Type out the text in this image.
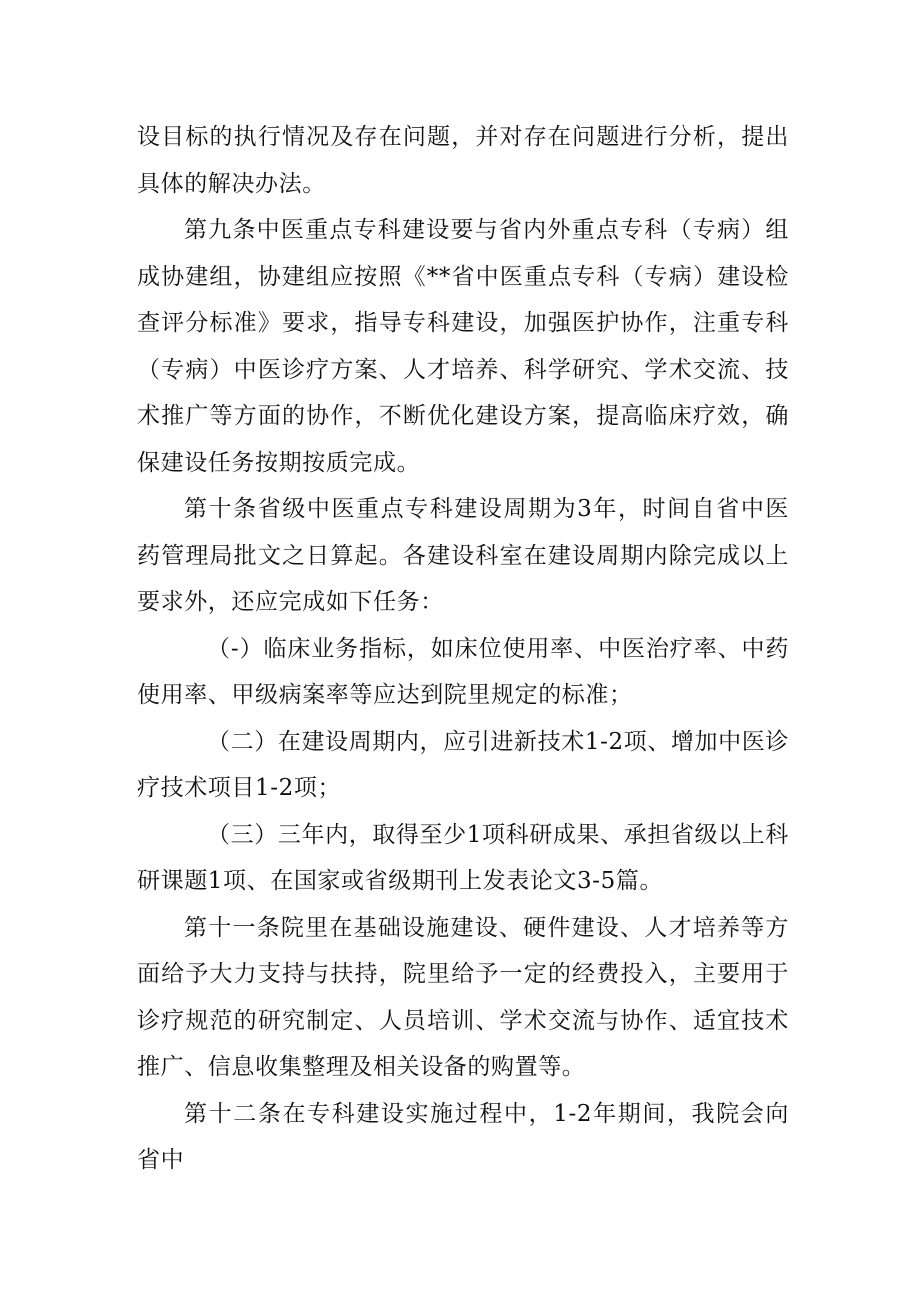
设目标的执行情况及存在问题，并对存在问题进行分析，提出具体的解决办法。

第九条中医重点专科建设要与省内外重点专科（专病）组成协建组，协建组应按照《**省中医重点专科（专病）建设检查评分标准》要求，指导专科建设，加强医护协作，注重专科（专病）中医诊疗方案、人才培养、科学研究、学术交流、技术推广等方面的协作，不断优化建设方案，提高临床疗效，确保建设任务按期按质完成。

第十条省级中医重点专科建设周期为3年，时间自省中医药管理局批文之日算起。各建设科室在建设周期内除完成以上要求外，还应完成如下任务：

（-）临床业务指标，如床位使用率、中医治疗率、中药使用率、甲级病案率等应达到院里规定的标准；

（二）在建设周期内，应引进新技术1-2项、增加中医诊疗技术项目1-2项；

（三）三年内，取得至少1项科研成果、承担省级以上科研课题1项、在国家或省级期刊上发表论文3-5篇。

第十一条院里在基础设施建设、硬件建设、人才培养等方面给予大力支持与扶持，院里给予一定的经费投入，主要用于诊疗规范的研究制定、人员培训、学术交流与协作、适宜技术推广、信息收集整理及相关设备的购置等。

第十二条在专科建设实施过程中，1-2年期间，我院会向省中
